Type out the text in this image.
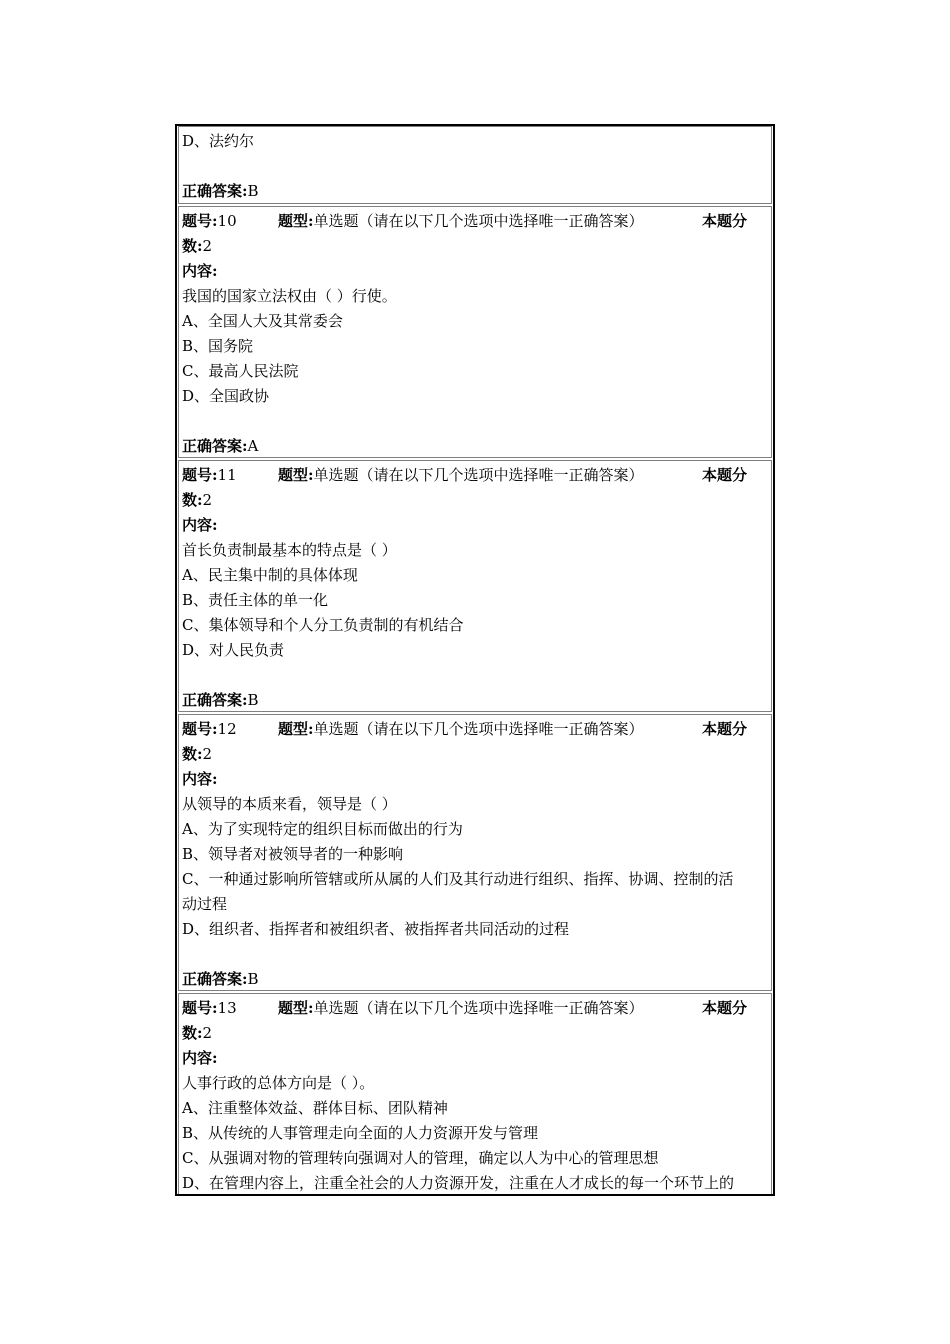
D、法约尔
正确答案:B
题号:10	题型:单选题（请在以下几个选项中选择唯一正确答案）	本题分
数:2
内容:
我国的国家立法权由（ ）行使。
A、全国人大及其常委会
B、国务院
C、最高人民法院
D、全国政协
正确答案:A
题号:11	题型:单选题（请在以下几个选项中选择唯一正确答案）	本题分
数:2
内容:
首长负责制最基本的特点是（ ）
A、民主集中制的具体体现
B、责任主体的单一化
C、集体领导和个人分工负责制的有机结合
D、对人民负责
正确答案:B
题号:12	题型:单选题（请在以下几个选项中选择唯一正确答案）	本题分
数:2
内容:
从领导的本质来看，领导是（ ）
A、为了实现特定的组织目标而做出的行为
B、领导者对被领导者的一种影响
C、一种通过影响所管辖或所从属的人们及其行动进行组织、指挥、协调、控制的活
动过程
D、组织者、指挥者和被组织者、被指挥者共同活动的过程
正确答案:B
题号:13	题型:单选题（请在以下几个选项中选择唯一正确答案）	本题分
数:2
内容:
人事行政的总体方向是（ ）。
A、注重整体效益、群体目标、团队精神
B、从传统的人事管理走向全面的人力资源开发与管理
C、从强调对物的管理转向强调对人的管理，确定以人为中心的管理思想
D、在管理内容上，注重全社会的人力资源开发，注重在人才成长的每一个环节上的
